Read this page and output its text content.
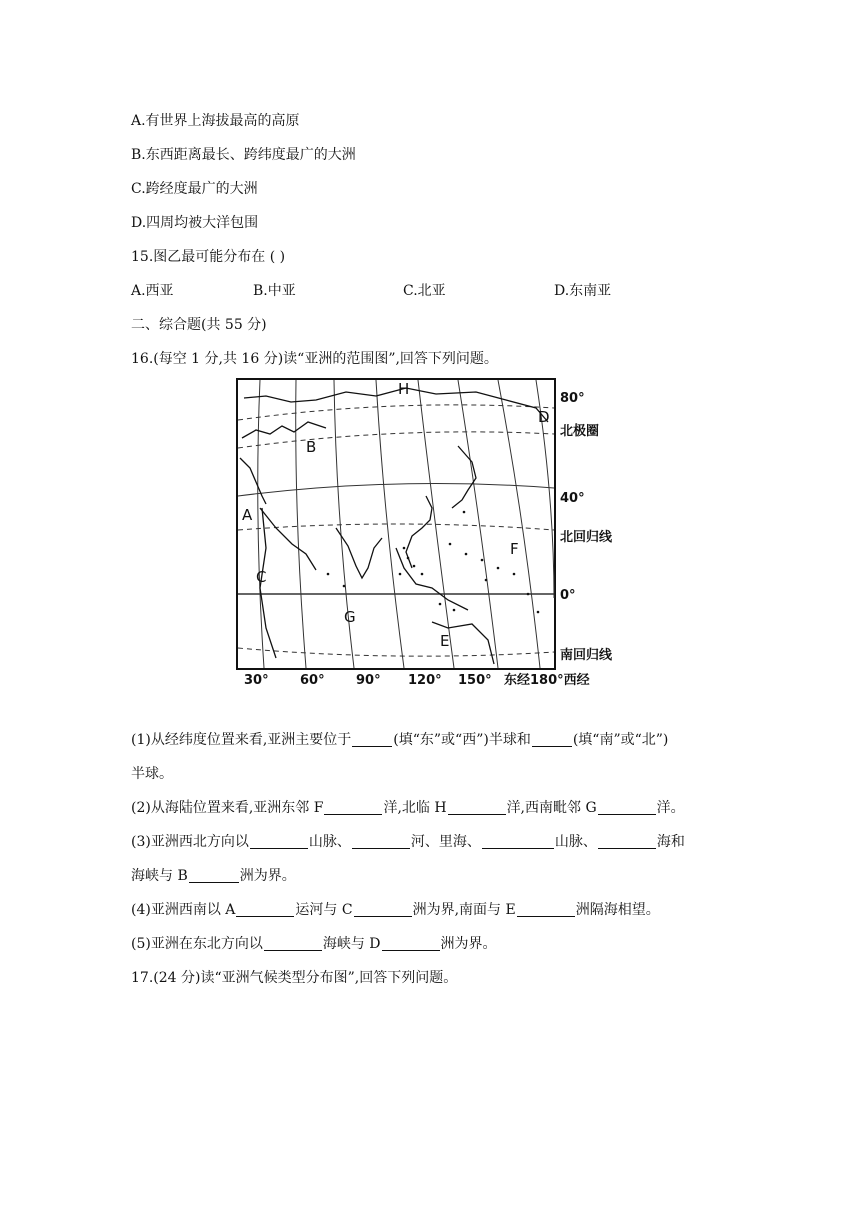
A.有世界上海拔最高的高原
B.东西距离最长、跨纬度最广的大洲
C.跨经度最广的大洲
D.四周均被大洋包围
15.图乙最可能分布在 ( )
A.西亚	B.中亚	C.北亚	D.东南亚
二、综合题(共 55 分)
16.(每空 1 分,共 16 分)读“亚洲的范围图”,回答下列问题。
H
D
B
A
C
F
G
E
80°
北极圈
40°
北回归线
0°
南回归线
30° 60° 90° 120° 150° 东经180°西经
(1)从经纬度位置来看,亚洲主要位于	(填“东”或“西”)半球和	(填“南”或“北”)
半球。
(2)从海陆位置来看,亚洲东邻 F	洋,北临 H	洋,西南毗邻 G	洋。
(3)亚洲西北方向以	山脉、	河、里海、	山脉、	海和
海峡与 B	洲为界。
(4)亚洲西南以 A	运河与 C	洲为界,南面与 E	洲隔海相望。
(5)亚洲在东北方向以	海峡与 D	洲为界。
17.(24 分)读“亚洲气候类型分布图”,回答下列问题。
